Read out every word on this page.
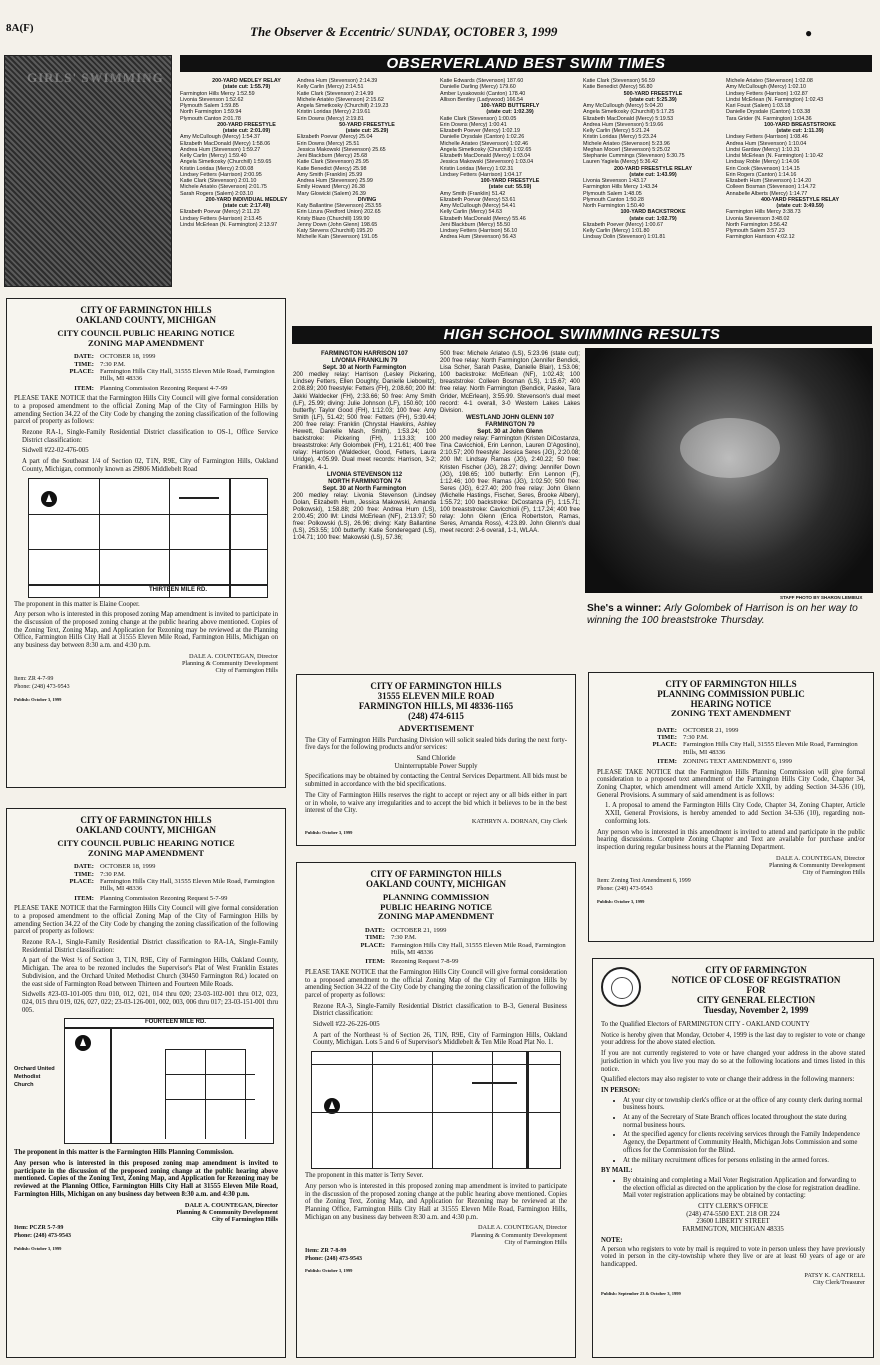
8A(F)	The Observer & Eccentric/ SUNDAY, OCTOBER 3, 1999	●
GIRLS' SWIMMING
OBSERVERLAND BEST SWIM TIMES
200-YARD MEDLEY RELAY
(state cut: 1:55.79)
Farmington Hills Mercy 1:52.59
Livonia Stevenson 1:52.62
Plymouth Salem 1:59.85
North Farmington 1:59.94
Plymouth Canton 2:01.78
200-YARD FREESTYLE
(state cut: 2:01.09)
Amy McCullough (Mercy) 1:54.37
Elizabeth MacDonald (Mercy) 1:58.06
Andrea Hum (Stevenson) 1:59.27
Kelly Carlin (Mercy) 1:59.40
Angela Simetkosky (Churchill) 1:59.65
Kristin Loridas (Mercy) 2:00.08
Lindsey Fetters (Harrison) 2:00.95
Katie Clark (Stevenson) 2:01.10
Michele Ariatéo (Stevenson) 2:01.75
Sarah Rogers (Salem) 2:03.10
200-YARD INDIVIDUAL MEDLEY
(state cut: 2:17.49)
Elizabeth Poevar (Mercy) 2:11.23
Lindsey Fetters (Harrison) 2:13.45
Lindsi McErlean (N. Farmington) 2:13.97
Andrea Hum (Stevenson) 2:14.39
Kelly Carlin (Mercy) 2:14.51
Katie Clark (Stevenson) 2:14.99
Michele Ariatéo (Stevenson) 2:15.62
Angela Simetkosky (Churchill) 2:19.23
Kristin Loridas (Mercy) 2:19.61
Erin Downs (Mercy) 2:19.81
50-YARD FREESTYLE
(state cut: 25.29)
Elizabeth Poevar (Mercy) 25.04
Erin Downs (Mercy) 25.51
Jessica Makowski (Stevenson) 25.65
Jeni Blackburn (Mercy) 25.68
Katie Clark (Stevenson) 25.95
Katie Benedict (Mercy) 25.98
Amy Smith (Franklin) 25.99
Andrea Hum (Stevenson) 25.99
Emily Howard (Mercy) 26.38
Mary Glowicki (Salem) 26.39
DIVING
Katy Ballantine (Stevenson) 253.55
Erin Lizura (Redford Union) 202.65
Kristy Blazo (Churchill) 199.90
Jenny Down (John Glenn) 198.65
Katy Stevens (Churchill) 195.20
Michelle Kain (Stevenson) 191.05
Katie Edwards (Stevenson) 187.60
Danielle Darling (Mercy) 179.60
Amber Lysakowski (Canton) 178.40
Allison Bentley (Ladywood) 166.54
100-YARD BUTTERFLY
(state cut: 1:02.39)
Katie Clark (Stevenson) 1:00.05
Erin Downs (Mercy) 1:00.41
Elizabeth Poever (Mercy) 1:02.19
Danielle Drysdale (Canton) 1:02.26
Michelle Ariateo (Stevenson) 1:02.46
Angela Simetkosky (Churchill) 1:02.65
Elizabeth MacDonald (Mercy) 1:03.04
Jessica Makowski (Stevenson) 1:03.04
Kristin Loridas (Mercy) 1:02.31
Lindsey Fetters (Harrison) 1:04.17
100-YARD FREESTYLE
(state cut: 55.59)
Amy Smith (Franklin) 51.42
Elizabeth Poevar (Mercy) 53.61
Amy McCullough (Mercy) 54.41
Kelly Carlin (Mercy) 54.63
Elizabeth MacDonald (Mercy) 55.46
Jeni Blackburn (Mercy) 55.50
Lindsey Fetters (Harrison) 56.10
Andrea Hum (Stevenson) 56.43
Katie Clark (Stevenson) 56.59
Katie Benedict (Mercy) 56.80
500-YARD FREESTYLE
(state cut: 5:25.39)
Amy McCullough (Mercy) 5:04.20
Angela Simetkosky (Churchill) 5:17.25
Elizabeth MacDonald (Mercy) 5:19.53
Andrea Hum (Stevenson) 5:19.66
Kelly Carlin (Mercy) 5:21.24
Kristin Loridas (Mercy) 5:23.24
Michele Ariateo (Stevenson) 5:23.96
Meghan Mocerl (Stevenson) 5:25.02
Stephanie Cummings (Stevenson) 5:30.75
Lauren Yagiela (Mercy) 5:36.42
200-YARD FREESTYLE RELAY
(state cut: 1:43.99)
Livonia Stevenson 1:43.17
Farmington Hills Mercy 1:43.34
Plymouth Salem 1:48.05
Plymouth Canton 1:50.28
North Farmington 1:50.40
100-YARD BACKSTROKE
(state cut: 1:02.79)
Elizabeth Poever (Mercy) 1:00.67
Kelly Carlin (Mercy) 1:01.80
Lindsay Dolin (Stevenson) 1:01.81
Michele Ariateo (Stevenson) 1:02.08
Amy McCullough (Mercy) 1:02.10
Lindsey Fetters (Harrison) 1:02.87
Lindsi McErlean (N. Farmington) 1:02.43
Kari Foust (Salem) 1:03.18
Danielle Drysdale (Canton) 1:03.38
Tara Grider (N. Farmington) 1:04.36
100-YARD BREASTSTROKE
(state cut: 1:11.39)
Lindsey Fetters (Harrison) 1:08.46
Andrea Hum (Stevenson) 1:10.04
Lindsi Gardaw (Mercy) 1:10.31
Lindsi McErlean (N. Farmington) 1:10.42
Lindsay Roble (Mercy) 1:14.06
Erin Cook (Stevenson) 1:14.15
Erin Rogers (Canton) 1:14.16
Elizabeth Hum (Stevenson) 1:14.20
Colleen Bosman (Stevenson) 1:14.72
Annabelle Alberts (Mercy) 1:14.77
400-YARD FREESTYLE RELAY
(state cut: 3:49.59)
Farmington Hills Mercy 3:38.73
Livonia Stevenson 3:48.02
North Farmington 3:56.42
Plymouth Salem 3:57.23
Farmington Harrison 4:02.12
HIGH SCHOOL SWIMMING RESULTS
FARMINGTON HARRISON 107
LIVONIA FRANKLIN 79
Sept. 30 at North Farmington
200 medley relay: Harrison (Lesley Pickering, Lindsey Fetters, Ellen Doughty, Danielle Liebowitz), 2:08.89; 200 freestyle: Fetters (FH), 2:08.60; 200 IM: Jakki Waldecker (FH), 2:33.66; 50 free: Amy Smith (LF), 25.99; diving: Julie Johnson (LF), 150.60; 100 butterfly: Taylor Good (FH), 1:12.03; 100 free: Amy Smith (LF), 51.42; 500 free: Fetters (FH), 5:39.44; 200 free relay: Franklin (Chrystal Hawkins, Ashley Hewett, Danielle Mash, Smith), 1:53.24; 100 backstroke: Pickering (FH), 1:13.33; 100 breaststroke: Arly Golombek (FH), 1:21.61; 400 free relay: Harrison (Waldecker, Good, Fetters, Laura Uridge), 4:05.99. Dual meet records: Harrison, 3-2; Franklin, 4-1.
LIVONIA STEVENSON 112
NORTH FARMINGTON 74
Sept. 30 at North Farmington
200 medley relay: Livonia Stevenson (Lindsey Dolan, Elizabeth Hum, Jessica Makowski, Amanda Polkowski), 1:58.88; 200 free: Andrea Hum (LS), 2:00.45; 200 IM: Lindsi McErlean (NF), 2:13.97; 50 free: Polkowski (LS), 26.96; diving: Katy Ballantine (LS), 253.55; 100 butterfly: Katie Sonderegard (LS), 1:04.71; 100 free: Makowski (LS), 57.36;
500 free: Michele Ariateo (LS), 5:23.96 (state cut); 200 free relay: North Farmington (Jennifer Bendick, Lisa Scher, Sarah Paske, Danielle Blair), 1:53.06; 100 backstroke: McErlean (NF), 1:02.43; 100 breaststroke: Colleen Bosman (LS), 1:15.67; 400 free relay: North Farmington (Bendick, Paske, Tara Grider, McErlean), 3:55.99. Stevenson's dual meet record: 4-1 overall, 3-0 Western Lakes Lakes Division.
WESTLAND JOHN GLENN 107
FARMINGTON 79
Sept. 30 at John Glenn
200 medley relay: Farmington (Kristen DiCostanza, Tina Cavicchioli, Erin Lennon, Lauren D'Agostino), 2:10.57; 200 freestyle: Jessica Seres (JG), 2:20.08; 200 IM: Lindsay Ramas (JG), 2:40.22; 50 free: Kristen Fischer (JG), 28.27; diving: Jennifer Down (JG), 198.65; 100 butterfly: Erin Lennon (F), 1:12.46; 100 free: Ramas (JG), 1:02.50; 500 free: Seres (JG), 6:27.40; 200 free relay: John Glenn (Michelle Hastings, Fischer, Seres, Brooke Albery), 1:55.72; 100 backstroke: DiCostanza (F), 1:15.71; 100 breaststroke: Cavicchioli (F), 1:17.24; 400 free relay: John Glenn (Erica Robertston, Ramas, Seres, Amanda Ross), 4:23.89. John Glenn's dual meet record: 2-6 overall, 1-1, WLAA.
STAFF PHOTO BY SHARON LEMIEUX
She's a winner: Arly Golombek of Harrison is on her way to winning the 100 breaststroke Thursday.
CITY OF FARMINGTON HILLS
OAKLAND COUNTY, MICHIGAN
CITY COUNCIL PUBLIC HEARING NOTICE
ZONING MAP AMENDMENT
DATE: OCTOBER 18, 1999
TIME: 7:30 P.M.
PLACE: Farmington Hills City Hall, 31555 Eleven Mile Road, Farmington Hills, MI 48336
ITEM: Planning Commission Rezoning Request 4-7-99

PLEASE TAKE NOTICE that the Farmington Hills City Council will give formal consideration to a proposed amendment to the official Zoning Map of the City of Farmington Hills by amending Section 34.22 of the City Code by changing the zoning classification of the following parcel of property as follows:

Rezone RA-1, Single-Family Residential District classification to OS-1, Office Service District classification:

Sidwell #22-02-476-005

A part of the Southeast 1/4 of Section 02, T1N, R9E, City of Farmington Hills, Oakland County, Michigan, commonly known as 29806 Middlebelt Road

THIRTEEN MILE RD.

The proponent in this matter is Elaine Cooper.

Any person who is interested in this proposed zoning Map amendment is invited to participate in the discussion of the proposed zoning change at the public hearing above mentioned. Copies of the Zoning Text, Zoning Map, and Application for Rezoning may be reviewed at the Planning Office, Farmington Hills City Hall at 31555 Eleven Mile Road, Farmington Hills, Michigan on any business day between 8:30 a.m. and 4:30 p.m.

DALE A. COUNTEGAN, Director
Planning & Community Development
City of Farmington Hills
Item: ZR 4-7-99
Phone: (248) 473-9543
Publish: October 3, 1999
CITY OF FARMINGTON HILLS
OAKLAND COUNTY, MICHIGAN
CITY COUNCIL PUBLIC HEARING NOTICE
ZONING MAP AMENDMENT
DATE: OCTOBER 18, 1999
TIME: 7:30 P.M.
PLACE: Farmington Hills City Hall, 31555 Eleven Mile Road, Farmington Hills, MI 48336
ITEM: Planning Commission Rezoning Request 5-7-99

PLEASE TAKE NOTICE that the Farmington Hills City Council will give formal consideration to a proposed amendment to the official Zoning Map of the City of Farmington Hills by amending Section 34.22 of the City Code by changing the zoning classification of the following parcel of property as follows:

Rezone RA-1, Single-Family Residential District classification to RA-1A, Single-Family Residential District classification:

A part of the West ½ of Section 3, T1N, R9E, City of Farmington Hills, Oakland County, Michigan. The area to be rezoned includes the Supervisor's Plat of West Franklin Estates Subdivision, and the Orchard United Methodist Church (30450 Farmington Rd.) located on the east side of Farmington Road between Thirteen and Fourteen Mile Roads.

Sidwells #23-03-101-005 thru 010, 012, 021, 014 thru 020; 23-03-102-001 thru 012, 023, 024, 015 thru 019, 026, 027, 022; 23-03-126-001, 002, 003, 006 thru 017; 23-03-151-001 thru 005.

Orchard United Methodist Church
FOURTEEN MILE RD.

The proponent in this matter is the Farmington Hills Planning Commission.

Any person who is interested in this proposed zoning map amendment is invited to participate in the discussion of the proposed zoning change at the public hearing above mentioned. Copies of the Zoning Text, Zoning Map, and Application for Rezoning may be reviewed at the Planning Office, Farmington Hills City Hall at 31555 Eleven Mile Road, Farmington Hills, Michigan on any business day between 8:30 a.m. and 4:30 p.m.

DALE A. COUNTEGAN, Director
Planning & Community Development
City of Farmington Hills
Item: PCZR 5-7-99
Phone: (248) 473-9543
Publish: October 3, 1999
CITY OF FARMINGTON HILLS
31555 ELEVEN MILE ROAD
FARMINGTON HILLS, MI 48336-1165
(248) 474-6115
ADVERTISEMENT

The City of Farmington Hills Purchasing Division will solicit sealed bids during the next forty-five days for the following products and/or services:

Sand Chloride
Uninterruptable Power Supply

Specifications may be obtained by contacting the Central Services Department. All bids must be submitted in accordance with the bid specifications.

The City of Farmington Hills reserves the right to accept or reject any or all bids either in part or in whole, to waive any irregularities and to accept the bid which it believes to be in the best interest of the City.

KATHRYN A. DORNAN, City Clerk
Publish: October 3, 1999
CITY OF FARMINGTON HILLS
OAKLAND COUNTY, MICHIGAN
PLANNING COMMISSION
PUBLIC HEARING NOTICE
ZONING MAP AMENDMENT
DATE: OCTOBER 21, 1999
TIME: 7:30 P.M.
PLACE: Farmington Hills City Hall, 31555 Eleven Mile Road, Farmington Hills, MI 48336
ITEM: Rezoning Request 7-8-99

PLEASE TAKE NOTICE that the Farmington Hills City Council will give formal consideration to a proposed amendment to the official Zoning Map of the City of Farmington Hills by amending Section 34.22 of the City Code by changing the zoning classification of the following parcel of property as follows:

Rezone RA-3, Single-Family Residential District classification to B-3, General Business District classification:

Sidwell #22-26-226-005

A part of the Northeast ¼ of Section 26, T1N, R9E, City of Farmington Hills, Oakland County, Michigan. Lots 5 and 6 of Supervisor's Middlebelt & Ten Mile Road Plat No. 1.

The proponent in this matter is Terry Sever.

Any person who is interested in this proposed zoning map amendment is invited to participate in the discussion of the proposed zoning change at the public hearing above mentioned. Copies of the Zoning Text, Zoning Map, and Application for Rezoning may be reviewed at the Planning Office, Farmington Hills City Hall at 31555 Eleven Mile Road, Farmington Hills, Michigan on any business day between 8:30 a.m. and 4:30 p.m.

DALE A. COUNTEGAN, Director
Planning & Community Development
City of Farmington Hills
Item: ZR 7-8-99
Phone: (248) 473-9543
Publish: October 3, 1999
CITY OF FARMINGTON HILLS
PLANNING COMMISSION PUBLIC
HEARING NOTICE
ZONING TEXT AMENDMENT
DATE: OCTOBER 21, 1999
TIME: 7:30 P.M.
PLACE: Farmington Hills City Hall, 31555 Eleven Mile Road, Farmington Hills, MI 48336
ITEM: ZONING TEXT AMENDMENT 6, 1999

PLEASE TAKE NOTICE that the Farmington Hills Planning Commission will give formal consideration to a proposed text amendment of the Farmington Hills City Code, Chapter 34, Zoning Chapter, which amendment will amend Article XXII, by adding Section 34-536 (10), General Provisions. A summary of said amendment is as follows:

1. A proposal to amend the Farmington Hills City Code, Chapter 34, Zoning Chapter, Article XXII, General Provisions, is hereby amended to add Section 34-536 (10), regarding non-conforming lots.

Any person who is interested in this amendment is invited to attend and participate in the public hearing discussions. Complete Zoning Chapter and Text are available for purchase and/or inspection during regular business hours at the Planning Department.

DALE A. COUNTEGAN, Director
Planning & Community Development
City of Farmington Hills
Item: Zoning Text Amendment 6, 1999
Phone: (248) 473-9543
Publish: October 3, 1999
CITY OF FARMINGTON
NOTICE OF CLOSE OF REGISTRATION
FOR
CITY GENERAL ELECTION
Tuesday, November 2, 1999

To the Qualified Electors of FARMINGTON CITY - OAKLAND COUNTY

Notice is hereby given that Monday, October 4, 1999 is the last day to register to vote or change your address for the above stated election.

If you are not currently registered to vote or have changed your address in the above stated jurisdiction in which you live you may do so at the following locations and times listed in this notice.

Qualified electors may also register to vote or change their address in the following manners:

IN PERSON:
• At your city or township clerk's office or at the office of any county clerk during normal business hours.
• At any of the Secretary of State Branch offices located throughout the state during normal business hours.
• At the specified agency for clients receiving services through the Family Independence Agency, the Department of Community Health, Michigan Jobs Commission and some offices for the Commission for the Blind.
• At the military recruitment offices for persons enlisting in the armed forces.
BY MAIL:
• By obtaining and completing a Mail Voter Registration Application and forwarding to the election official as directed on the application by the close for registration deadline. Mail voter registration applications may be obtained by contacting:
CITY CLERK'S OFFICE
(248) 474-5500 EXT. 218 OR 224
23600 LIBERTY STREET
FARMINGTON, MICHIGAN 48335
NOTE:

A person who registers to vote by mail is required to vote in person unless they have previously voted in person in the city-township where they live or are at least 60 years of age or are handicapped.

PATSY K. CANTRELL
City Clerk/Treasurer
Publish: September 23 & October 3, 1999
